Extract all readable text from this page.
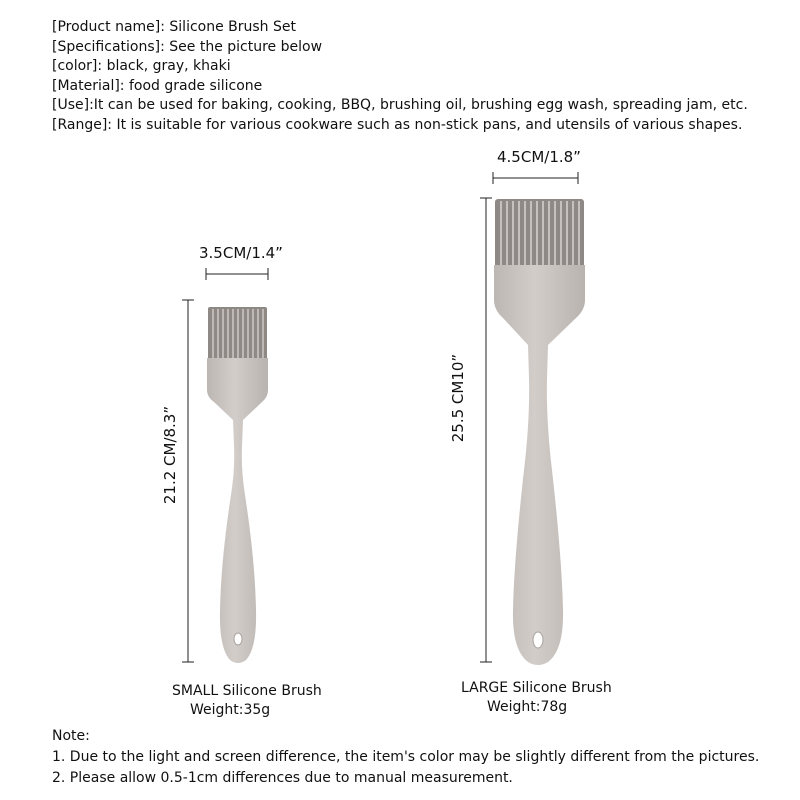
[Product name]: Silicone Brush Set
[Specifications]: See the picture below
[color]: black, gray, khaki
[Material]: food grade silicone
[Use]:It can be used for baking, cooking, BBQ, brushing oil, brushing egg wash, spreading jam, etc.
[Range]: It is suitable for various cookware such as non-stick pans, and utensils of various shapes.
3.5CM/1.4”
21.2 CM/8.3”
4.5CM/1.8”
25.5 CM10”
SMALL Silicone Brush
Weight:35g
LARGE Silicone Brush
Weight:78g
Note:
1. Due to the light and screen difference, the item's color may be slightly different from the pictures.
2. Please allow 0.5-1cm differences due to manual measurement.
